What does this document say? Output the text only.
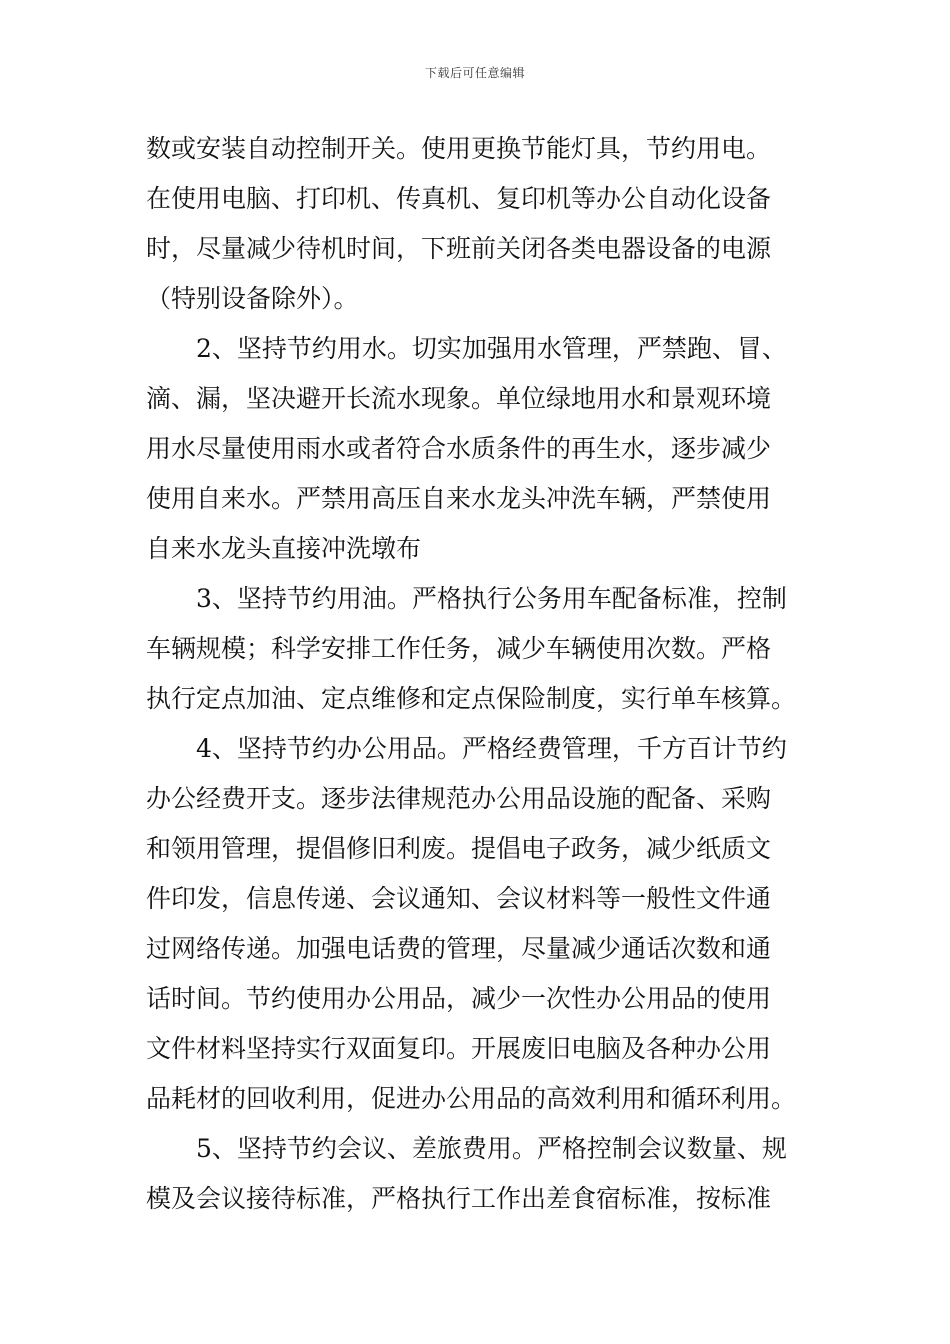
下载后可任意编辑
数或安装自动控制开关。使用更换节能灯具，节约用电。
在使用电脑、打印机、传真机、复印机等办公自动化设备
时，尽量减少待机时间，下班前关闭各类电器设备的电源
（特别设备除外）。
2、坚持节约用水。切实加强用水管理，严禁跑、冒、
滴、漏，坚决避开长流水现象。单位绿地用水和景观环境
用水尽量使用雨水或者符合水质条件的再生水，逐步减少
使用自来水。严禁用高压自来水龙头冲洗车辆，严禁使用
自来水龙头直接冲洗墩布
3、坚持节约用油。严格执行公务用车配备标准，控制
车辆规模；科学安排工作任务，减少车辆使用次数。严格
执行定点加油、定点维修和定点保险制度，实行单车核算。
4、坚持节约办公用品。严格经费管理，千方百计节约
办公经费开支。逐步法律规范办公用品设施的配备、采购
和领用管理，提倡修旧利废。提倡电子政务，减少纸质文
件印发，信息传递、会议通知、会议材料等一般性文件通
过网络传递。加强电话费的管理，尽量减少通话次数和通
话时间。节约使用办公用品，减少一次性办公用品的使用
文件材料坚持实行双面复印。开展废旧电脑及各种办公用
品耗材的回收利用，促进办公用品的高效利用和循环利用。
5、坚持节约会议、差旅费用。严格控制会议数量、规
模及会议接待标准，严格执行工作出差食宿标准，按标准
